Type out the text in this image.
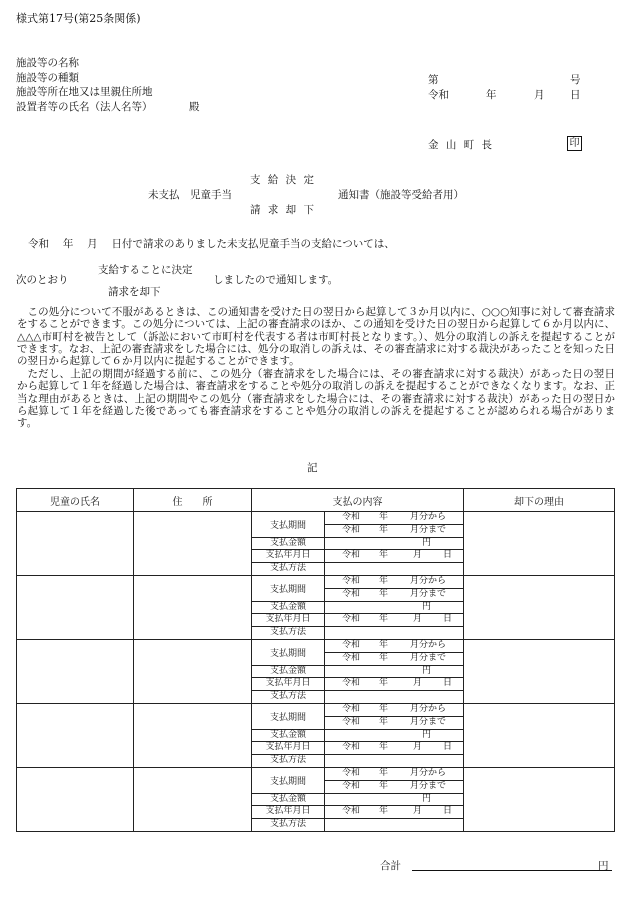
様式第17号(第25条関係)
施設等の名称
施設等の種類
施設等所在地又は里親住所地
設置者等の氏名（法人名等）	殿
第	号
令和	年	月 日
金 山 町 長	印
支 給 決 定
未支払　児童手当	通知書（施設等受給者用）
請 求 却 下
令和　 年　 月　 日付で請求のありました未支払児童手当の支給については、
支給することに決定
次のとおり	しましたので通知します。
請求を却下
この処分について不服があるときは、この通知書を受けた日の翌日から起算して３か月以内に、○○○知事に対して審査請求をすることができます。この処分については、上記の審査請求のほか、この通知を受けた日の翌日から起算して６か月以内に、△△△市町村を被告として（訴訟において市町村を代表する者は市町村長となります。）、処分の取消しの訴えを提起することができます。なお、上記の審査請求をした場合には、処分の取消しの訴えは、その審査請求に対する裁決があったことを知った日の翌日から起算して６か月以内に提起することができます。
ただし、上記の期間が経過する前に、この処分（審査請求をした場合には、その審査請求に対する裁決）があった日の翌日から起算して１年を経過した場合は、審査請求をすることや処分の取消しの訴えを提起することができなくなります。なお、正当な理由があるときは、上記の期間やこの処分（審査請求をした場合には、その審査請求に対する裁決）があった日の翌日から起算して１年を経過した後であっても審査請求をすることや処分の取消しの訴えを提起することが認められる場合があります。
記
児童の氏名	住　　所	支払の内容		却下の理由
		支払期間	令和 年 月分から	

			令和 年 月分まで	

		支払金額	円	

		支払年月日	令和 年 月 日	

		支払方法		
		支払期間	令和 年 月分から	

			令和 年 月分まで	

		支払金額	円	

		支払年月日	令和 年 月 日	

		支払方法		
		支払期間	令和 年 月分から	

			令和 年 月分まで	

		支払金額	円	

		支払年月日	令和 年 月 日	

		支払方法		
		支払期間	令和 年 月分から	

			令和 年 月分まで	

		支払金額	円	

		支払年月日	令和 年 月 日	

		支払方法		
		支払期間	令和 年 月分から	

			令和 年 月分まで	

		支払金額	円	

		支払年月日	令和 年 月 日	

		支払方法		
合計	円
